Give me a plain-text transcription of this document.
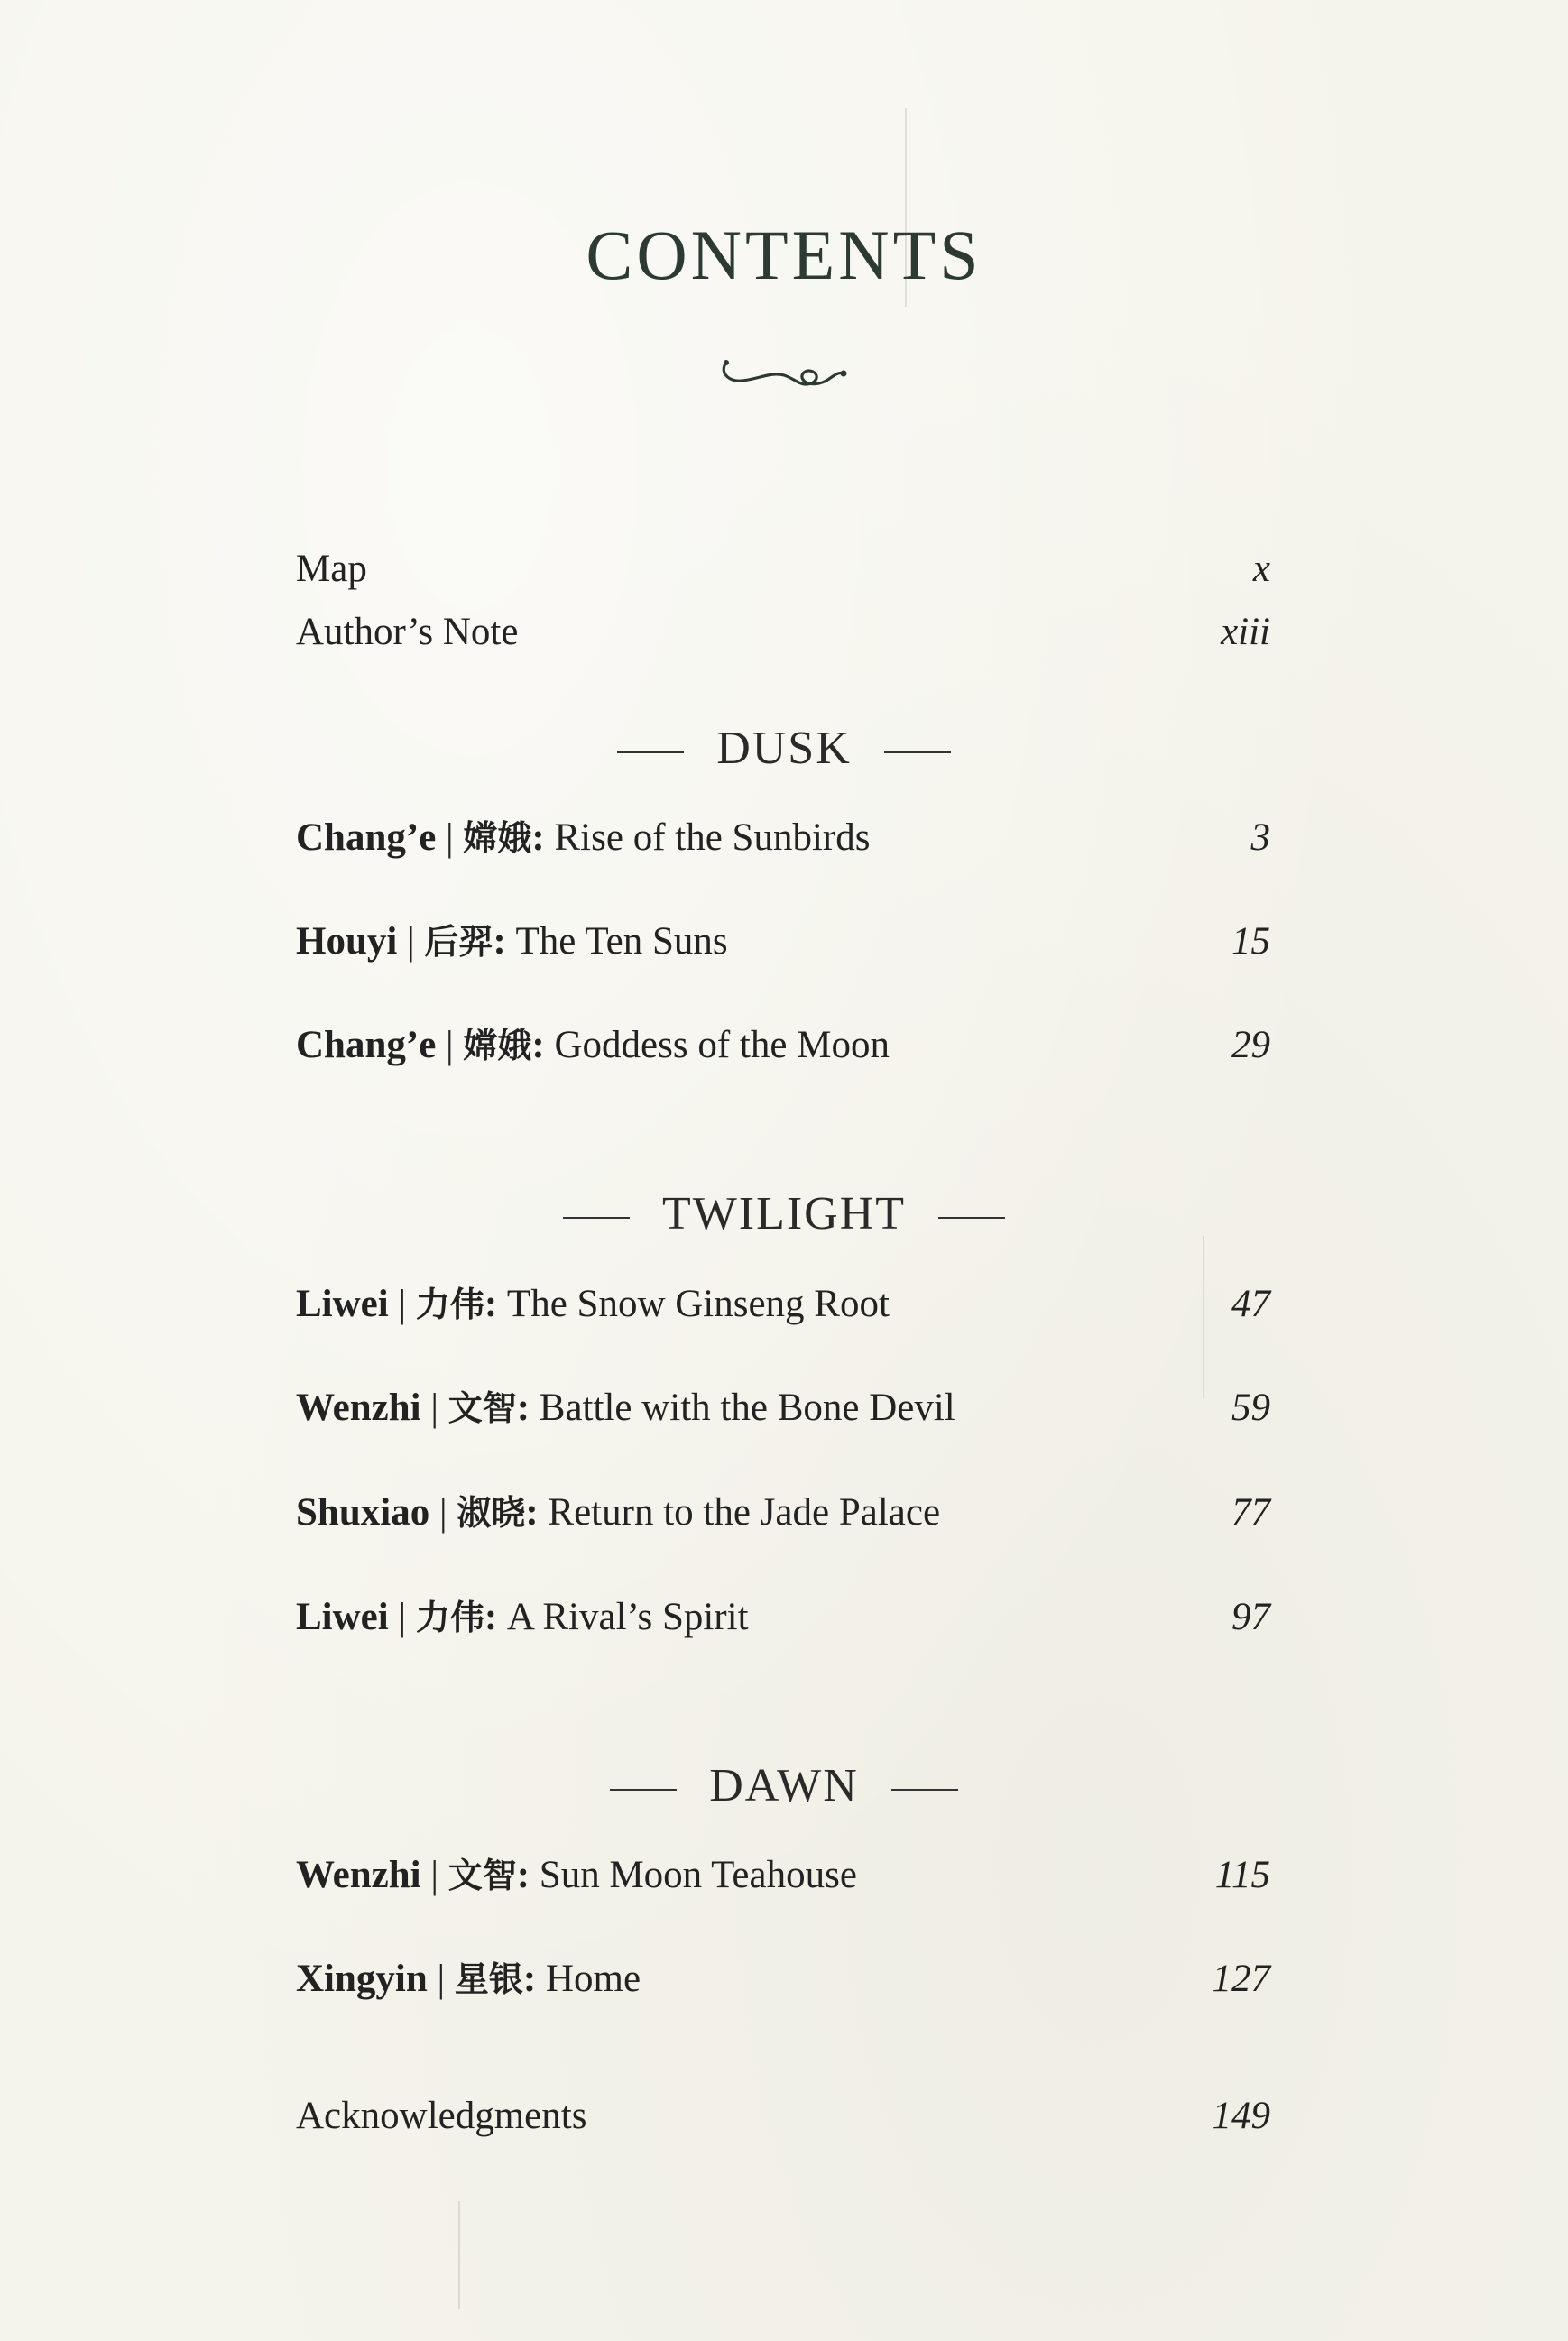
CONTENTS
Map	x
Author’s Note	xiii
DUSK
Chang’e | 嫦娥: Rise of the Sunbirds	3
Houyi | 后羿: The Ten Suns	15
Chang’e | 嫦娥: Goddess of the Moon	29
TWILIGHT
Liwei | 力伟: The Snow Ginseng Root	47
Wenzhi | 文智: Battle with the Bone Devil	59
Shuxiao | 淑晓: Return to the Jade Palace	77
Liwei | 力伟: A Rival’s Spirit	97
DAWN
Wenzhi | 文智: Sun Moon Teahouse	115
Xingyin | 星银: Home	127
Acknowledgments	149
